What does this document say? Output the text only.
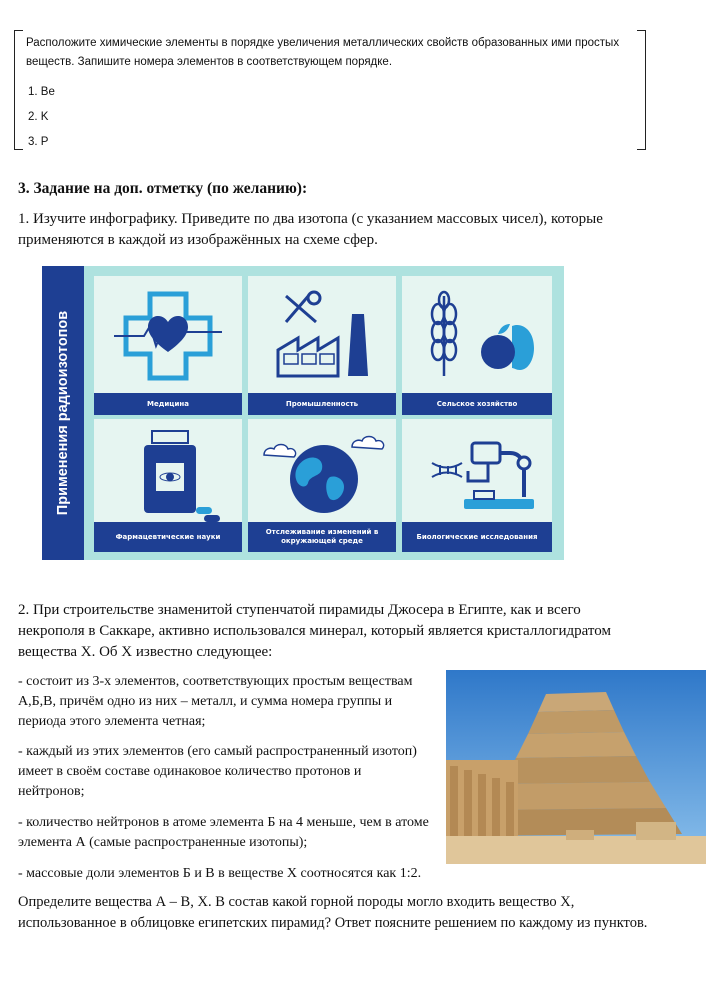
Расположите химические элементы в порядке увеличения металлических свойств образованных ими простых веществ. Запишите номера элементов в соответствующем порядке.
1. Be
2. K
3. P
3. Задание на доп. отметку (по желанию):
1. Изучите инфографику. Приведите по два изотопа (с указанием массовых чисел), которые применяются в каждой из изображённых на схеме сфер.
Применения радиоизотопов	Медицина	Промышленность	Сельское хозяйство
Фармацевтические науки
Отслеживание изменений в окружающей среде
Биологические исследования
2. При строительстве знаменитой ступенчатой пирамиды Джосера в Египте, как и всего некрополя в Саккаре, активно использовался минерал, который является кристаллогидратом вещества Х. Об Х известно следующее:
- состоит из 3-х элементов, соответствующих простым веществам А,Б,В, причём одно из них – металл, и сумма номера группы и периода этого элемента четная;
- каждый из этих элементов (его самый распространенный изотоп) имеет в своём составе одинаковое количество протонов и нейтронов;
- количество нейтронов в атоме элемента Б на 4 меньше, чем в атоме элемента А (самые распространенные изотопы);
- массовые доли элементов Б и В в веществе Х соотносятся как 1:2.
Определите вещества А – В, Х. В состав какой горной породы могло входить вещество Х, использованное в облицовке египетских пирамид? Ответ поясните решением по каждому из пунктов.
